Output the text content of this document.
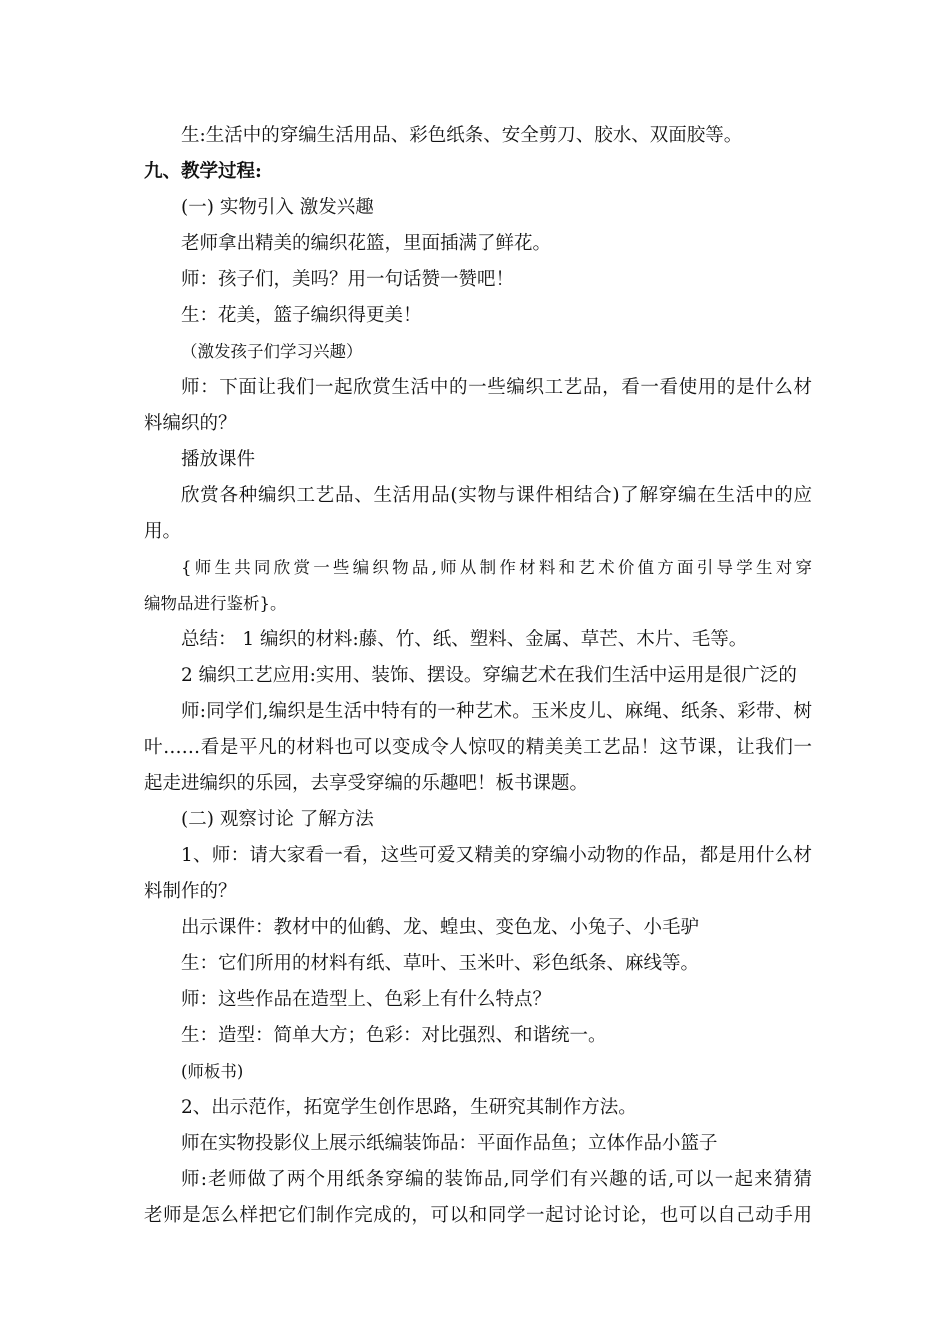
生:生活中的穿编生活用品、彩色纸条、安全剪刀、胶水、双面胶等。
九、教学过程:
(一) 实物引入 激发兴趣
老师拿出精美的编织花篮，里面插满了鲜花。
师：孩子们，美吗？用一句话赞一赞吧！
生：花美，篮子编织得更美！
（激发孩子们学习兴趣）
师：下面让我们一起欣赏生活中的一些编织工艺品，看一看使用的是什么材
料编织的？
播放课件
欣赏各种编织工艺品、生活用品(实物与课件相结合)了解穿编在生活中的应
用。
{师生共同欣赏一些编织物品,师从制作材料和艺术价值方面引导学生对穿
编物品进行鉴析}。
总结： 1 编织的材料:藤、竹、纸、塑料、金属、草芒、木片、毛等。
2 编织工艺应用:实用、装饰、摆设。穿编艺术在我们生活中运用是很广泛的
师:同学们,编织是生活中特有的一种艺术。玉米皮儿、麻绳、纸条、彩带、树
叶……看是平凡的材料也可以变成令人惊叹的精美美工艺品！这节课，让我们一
起走进编织的乐园，去享受穿编的乐趣吧！板书课题。
(二) 观察讨论 了解方法
1、师：请大家看一看，这些可爱又精美的穿编小动物的作品，都是用什么材
料制作的？
出示课件：教材中的仙鹤、龙、蝗虫、变色龙、小兔子、小毛驴
生：它们所用的材料有纸、草叶、玉米叶、彩色纸条、麻线等。
师：这些作品在造型上、色彩上有什么特点？
生：造型：简单大方；色彩：对比强烈、和谐统一。
(师板书)
2、出示范作，拓宽学生创作思路，生研究其制作方法。
师在实物投影仪上展示纸编装饰品：平面作品鱼；立体作品小篮子
师:老师做了两个用纸条穿编的装饰品,同学们有兴趣的话,可以一起来猜猜
老师是怎么样把它们制作完成的，可以和同学一起讨论讨论，也可以自己动手用
